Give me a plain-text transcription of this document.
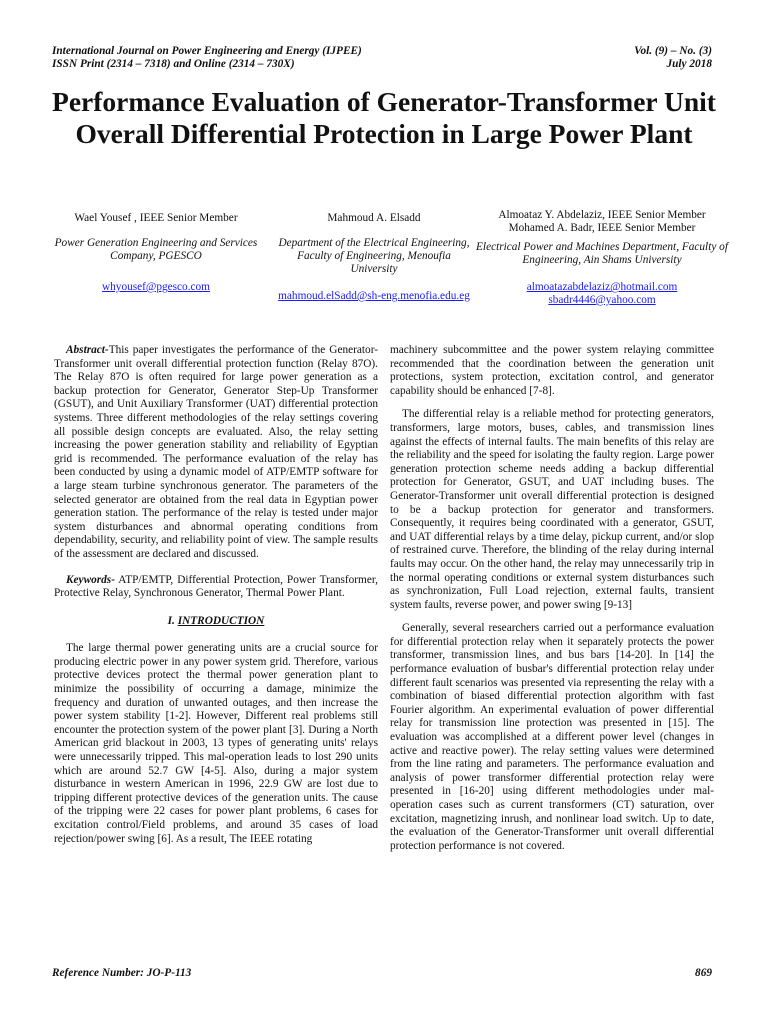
International Journal on Power Engineering and Energy (IJPEE)
ISSN Print (2314 – 7318) and Online (2314 – 730X)
Vol. (9) – No. (3)
July 2018
Performance Evaluation of Generator-Transformer Unit Overall Differential Protection in Large Power Plant
Wael Yousef , IEEE Senior Member
Power Generation Engineering and Services Company, PGESCO
whyousef@pgesco.com
Mahmoud A. Elsadd
Department of the Electrical Engineering, Faculty of Engineering, Menoufia University
mahmoud.elSadd@sh-eng.menofia.edu.eg
Almoataz Y. Abdelaziz, IEEE Senior Member
Mohamed A. Badr, IEEE Senior Member
Electrical Power and Machines Department, Faculty of Engineering, Ain Shams University
almoatazabdelaziz@hotmail.com
sbadr4446@yahoo.com

Abstract-This paper investigates the performance of the Generator-Transformer unit overall differential protection function (Relay 87O). The Relay 87O is often required for large power generation as a backup protection for Generator, Generator Step-Up Transformer (GSUT), and Unit Auxiliary Transformer (UAT) differential protection systems. Three different methodologies of the relay settings covering all possible design concepts are evaluated. Also, the relay setting increasing the power generation stability and reliability of Egyptian grid is recommended. The performance evaluation of the relay has been conducted by using a dynamic model of ATP/EMTP software for a large steam turbine synchronous generator. The parameters of the selected generator are obtained from the real data in Egyptian power generation station. The performance of the relay is tested under major system disturbances and abnormal operating conditions from dependability, security, and reliability point of view. The sample results of the assessment are declared and discussed.

Keywords- ATP/EMTP, Differential Protection, Power Transformer, Protective Relay, Synchronous Generator, Thermal Power Plant.

I. INTRODUCTION

The large thermal power generating units are a crucial source for producing electric power in any power system grid. Therefore, various protective devices protect the thermal power generation plant to minimize the possibility of occurring a damage, minimize the frequency and duration of unwanted outages, and then increase the power system stability [1-2]. However, Different real problems still encounter the protection system of the power plant [3]. During a North American grid blackout in 2003, 13 types of generating units' relays were unnecessarily tripped. This mal-operation leads to lost 290 units which are around 52.7 GW [4-5]. Also, during a major system disturbance in western American in 1996, 22.9 GW are lost due to tripping different protective devices of the generation units. The cause of the tripping were 22 cases for power plant problems, 6 cases for excitation control/Field problems, and around 35 cases of load rejection/power swing [6]. As a result, The IEEE rotating

machinery subcommittee and the power system relaying committee recommended that the coordination between the generation unit protections, system protection, excitation control, and generator capability should be enhanced [7-8].

The differential relay is a reliable method for protecting generators, transformers, large motors, buses, cables, and transmission lines against the effects of internal faults. The main benefits of this relay are the reliability and the speed for isolating the faulty region. Large power generation protection scheme needs adding a backup differential protection for Generator, GSUT, and UAT including buses. The Generator-Transformer unit overall differential protection is designed to be a backup protection for generator and transformers. Consequently, it requires being coordinated with a generator, GSUT, and UAT differential relays by a time delay, pickup current, and/or slop of restrained curve. Therefore, the blinding of the relay during internal faults may occur. On the other hand, the relay may unnecessarily trip in the normal operating conditions or external system disturbances such as synchronization, Full Load rejection, external faults, transient system faults, reverse power, and power swing [9-13]

Generally, several researchers carried out a performance evaluation for differential protection relay when it separately protects the power transformer, transmission lines, and bus bars [14-20]. In [14] the performance evaluation of busbar's differential protection relay under different fault scenarios was presented via representing the relay with a combination of biased differential protection algorithm with fast Fourier algorithm. An experimental evaluation of power differential relay for transmission line protection was presented in [15]. The evaluation was accomplished at a different power level (changes in active and reactive power). The relay setting values were determined from the line rating and parameters. The performance evaluation and analysis of power transformer differential protection relay were presented in [16-20] using different methodologies under mal-operation cases such as current transformers (CT) saturation, over excitation, magnetizing inrush, and nonlinear load switch. Up to date, the evaluation of the Generator-Transformer unit overall differential protection performance is not covered.

Reference Number: JO-P-113	869
